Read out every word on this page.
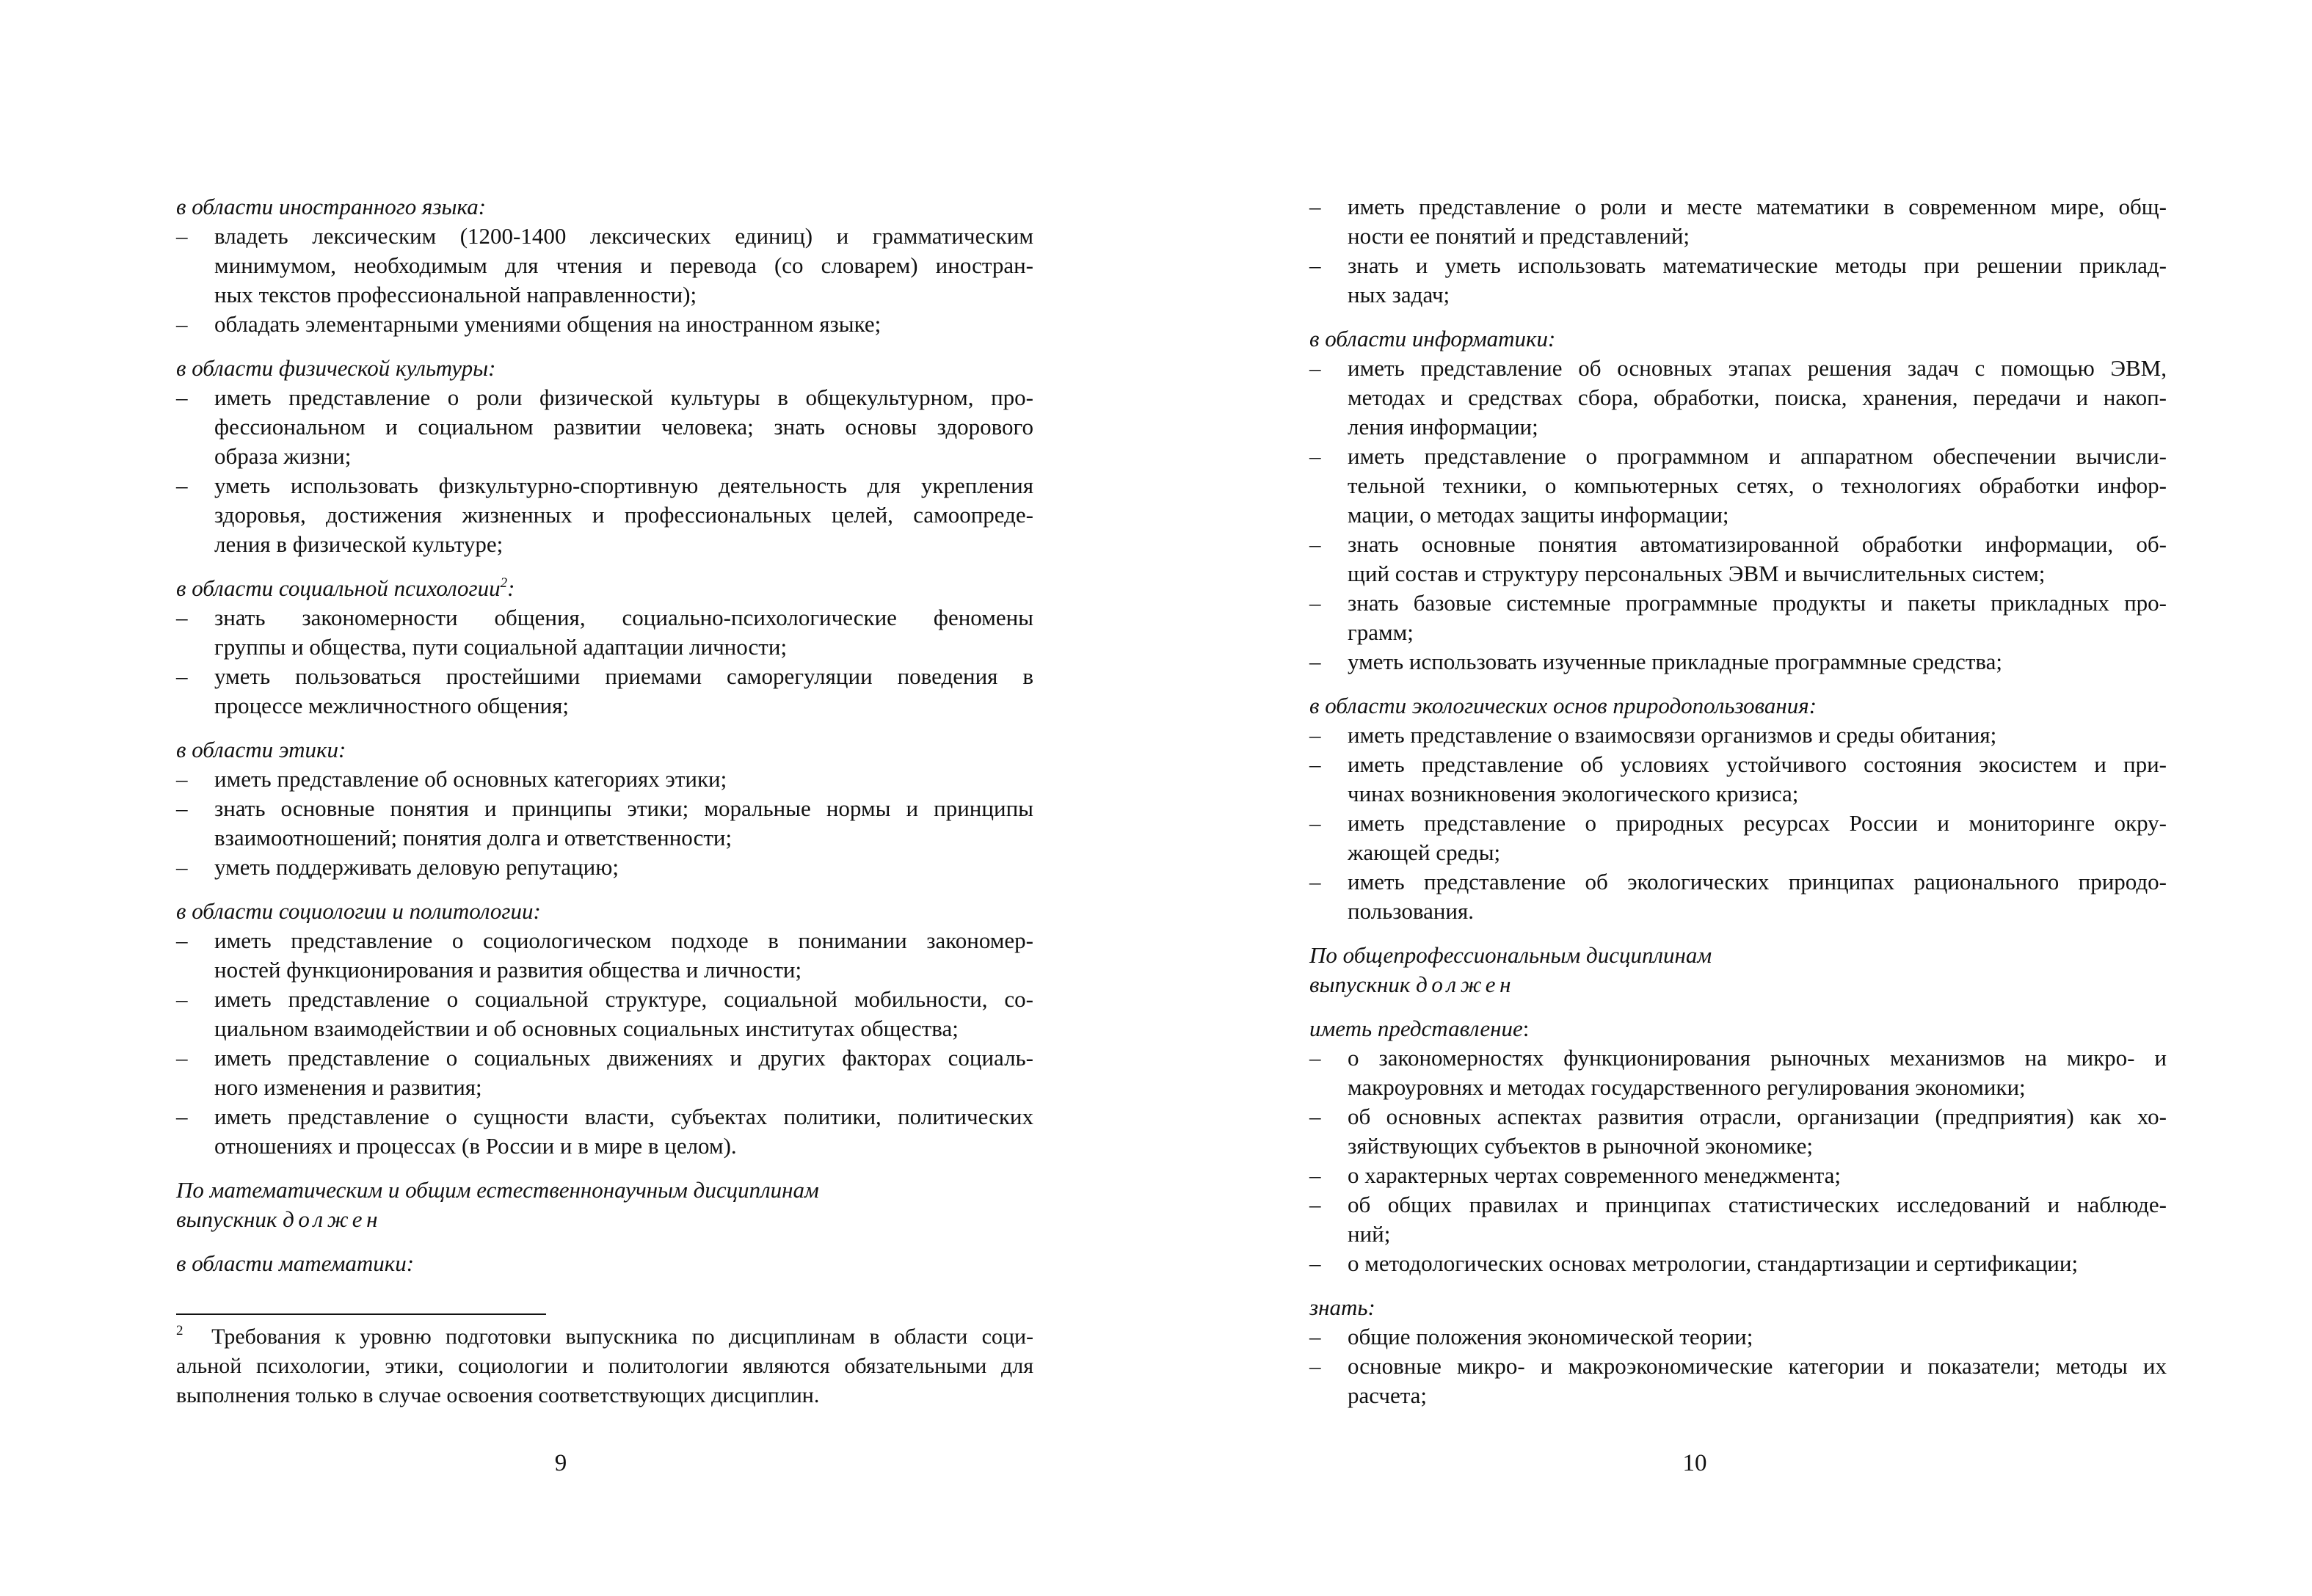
в области иностранного языка:
– владеть лексическим (1200-1400 лексических единиц) и грамматическим
минимумом, необходимым для чтения и перевода (со словарем) иностран-
ных текстов профессиональной направленности);
– обладать элементарными умениями общения на иностранном языке;
в области физической культуры:
– иметь представление о роли физической культуры в общекультурном, про-
фессиональном и социальном развитии человека; знать основы здорового
образа жизни;
– уметь использовать физкультурно-спортивную деятельность для укрепления
здоровья, достижения жизненных и профессиональных целей, самоопреде-
ления в физической культуре;
в области социальной психологии$^2$:
– знать закономерности общения, социально-психологические феномены
группы и общества, пути социальной адаптации личности;
– уметь пользоваться простейшими приемами саморегуляции поведения в
процессе межличностного общения;
в области этики:
– иметь представление об основных категориях этики;
– знать основные понятия и принципы этики; моральные нормы и принципы
взаимоотношений; понятия долга и ответственности;
– уметь поддерживать деловую репутацию;
в области социологии и политологии:
– иметь представление о социологическом подходе в понимании закономер-
ностей функционирования и развития общества и личности;
– иметь представление о социальной структуре, социальной мобильности, со-
циальном взаимодействии и об основных социальных институтах общества;
– иметь представление о социальных движениях и других факторах социаль-
ного изменения и развития;
– иметь представление о сущности власти, субъектах политики, политических
отношениях и процессах (в России и в мире в целом).
По математическим и общим естественнонаучным дисциплинам
выпускник должен
в области математики:
$^2$ Требования к уровню подготовки выпускника по дисциплинам в области соци-
альной психологии, этики, социологии и политологии являются обязательными для
выполнения только в случае освоения соответствующих дисциплин.
9
– иметь представление о роли и месте математики в современном мире, общ-
ности ее понятий и представлений;
– знать и уметь использовать математические методы при решении приклад-
ных задач;
в области информатики:
– иметь представление об основных этапах решения задач с помощью ЭВМ,
методах и средствах сбора, обработки, поиска, хранения, передачи и накоп-
ления информации;
– иметь представление о программном и аппаратном обеспечении вычисли-
тельной техники, о компьютерных сетях, о технологиях обработки инфор-
мации, о методах защиты информации;
– знать основные понятия автоматизированной обработки информации, об-
щий состав и структуру персональных ЭВМ и вычислительных систем;
– знать базовые системные программные продукты и пакеты прикладных про-
грамм;
– уметь использовать изученные прикладные программные средства;
в области экологических основ природопользования:
– иметь представление о взаимосвязи организмов и среды обитания;
– иметь представление об условиях устойчивого состояния экосистем и при-
чинах возникновения экологического кризиса;
– иметь представление о природных ресурсах России и мониторинге окру-
жающей среды;
– иметь представление об экологических принципах рационального природо-
пользования.
По общепрофессиональным дисциплинам
выпускник должен
иметь представление:
– о закономерностях функционирования рыночных механизмов на микро- и
макроуровнях и методах государственного регулирования экономики;
– об основных аспектах развития отрасли, организации (предприятия) как хо-
зяйствующих субъектов в рыночной экономике;
– о характерных чертах современного менеджмента;
– об общих правилах и принципах статистических исследований и наблюде-
ний;
– о методологических основах метрологии, стандартизации и сертификации;
знать:
– общие положения экономической теории;
– основные микро- и макроэкономические категории и показатели; методы их
расчета;
10
